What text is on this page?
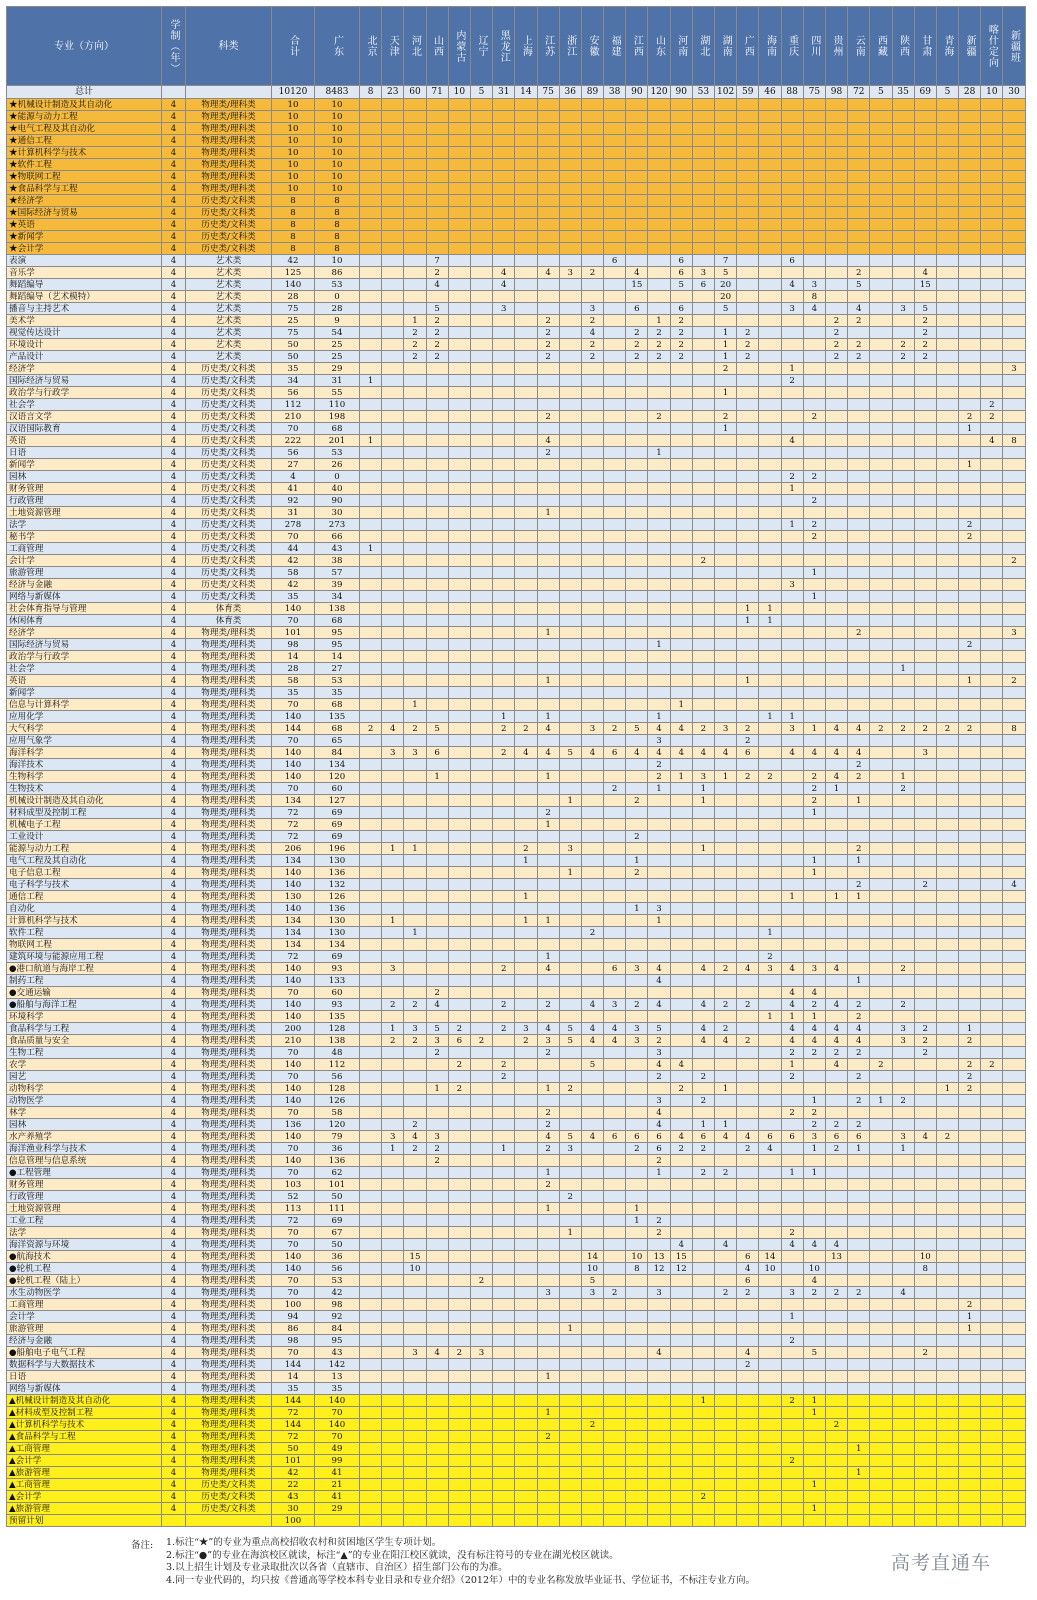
专业（方向）	学制（年）	科类	合计	广东	北京	天津	河北	山西	内蒙古	辽宁	黑龙江	上海	江苏	浙江	安徽	福建	江西	山东	河南	湖北	湖南	广西	海南	重庆	四川	贵州	云南	西藏	陕西	甘肃	青海	新疆	喀什定向	新疆班
总计			10120	8483	8	23	60	71	10	5	31	14	75	36	89	38	90	120	90	53	102	59	46	88	75	98	72	5	35	69	5	28	10	30
★机械设计制造及其自动化	4	物理类/理科类	10	10																														
★能源与动力工程	4	物理类/理科类	10	10																														
★电气工程及其自动化	4	物理类/理科类	10	10																														
★通信工程	4	物理类/理科类	10	10																														
★计算机科学与技术	4	物理类/理科类	10	10																														
★软件工程	4	物理类/理科类	10	10																														
★物联网工程	4	物理类/理科类	10	10																														
★食品科学与工程	4	物理类/理科类	10	10																														
★经济学	4	历史类/文科类	8	8																														
★国际经济与贸易	4	历史类/文科类	8	8																														
★英语	4	历史类/文科类	8	8																														
★新闻学	4	历史类/文科类	8	8																														
★会计学	4	历史类/文科类	8	8																														
表演	4	艺术类	42	10				7								6			6		7			6										
音乐学	4	艺术类	125	86				2			4		4	3	2		4		6	3	5						2			4				
舞蹈编导	4	艺术类	140	53				4			4						15		5	6	20			4	3		5			15				
舞蹈编导（艺术模特）	4	艺术类	28	0																	20				8									
播音与主持艺术	4	艺术类	75	28				5			3				3		6		6		5			3	4		4		3	5				
美术学	4	艺术类	25	9			1	2					2		2			1	2							2	2			2				
视觉传达设计	4	艺术类	75	54			2	2					2		4		2	2	2		1	2				2				2				
环境设计	4	艺术类	50	25			2	2					2		2		2	2	2		1	2				2	2		2	2				
产品设计	4	艺术类	50	25			2	2					2		2		2	2	2		1	2				2	2		2	2				
经济学	4	历史类/文科类	35	29																	2			1										3
国际经济与贸易	4	历史类/文科类	34	31	1																			2										
政治学与行政学	4	历史类/文科类	56	55																	1													
社会学	4	历史类/文科类	112	110																													2	
汉语言文学	4	历史类/文科类	210	198									2					2			2				2							2	2	
汉语国际教育	4	历史类/文科类	70	68																	1											1		
英语	4	历史类/文科类	222	201	1								4											4									4	8
日语	4	历史类/文科类	56	53									2					1																
新闻学	4	历史类/文科类	27	26																												1		
园林	4	历史类/文科类	4	0																				2	2									
财务管理	4	历史类/文科类	41	40																				1										
行政管理	4	历史类/文科类	92	90																					2									
土地资源管理	4	历史类/文科类	31	30									1																					
法学	4	历史类/文科类	278	273																				1	2							2		
秘书学	4	历史类/文科类	70	66																					2							2		
工商管理	4	历史类/文科类	44	43	1																													
会计学	4	历史类/文科类	42	38																2														2
旅游管理	4	历史类/文科类	58	57																					1									
经济与金融	4	历史类/文科类	42	39																				3										
网络与新媒体	4	历史类/文科类	35	34																					1									
社会体育指导与管理	4	体育类	140	138																		1	1											
休闲体育	4	体育类	70	68																		1	1											
经济学	4	物理类/理科类	101	95									1														2							3
国际经济与贸易	4	物理类/理科类	98	95														1														2		
政治学与行政学	4	物理类/理科类	14	14																														
社会学	4	物理类/理科类	28	27																									1					
英语	4	物理类/理科类	58	53									1									1										1		2
新闻学	4	物理类/理科类	35	35																														
信息与计算科学	4	物理类/理科类	70	68			1												1															
应用化学	4	物理类/理科类	140	135							1		1					1					1	1										
大气科学	4	物理类/理科类	144	68	2	4	2	5			2	2	4		3	2	5	4	4	2	3	2		3	1	4	4	2	2	2	2	2		8
应用气象学	4	物理类/理科类	70	65														3				2												
海洋科学	4	物理类/理科类	140	84		3	3	6			2	4	4	5	4	6	4	4	4	4	4	6		4	4	4	4			3				
海洋技术	4	物理类/理科类	140	134														2									2							
生物科学	4	物理类/理科类	140	120				1					1					2	1	3	1	2	2		2	4	2		1					
生物技术	4	物理类/理科类	70	60												2		1		1					2	1			2					
机械设计制造及其自动化	4	物理类/理科类	134	127										1			2			1					2		1							
材料成型及控制工程	4	物理类/理科类	72	69									2												1									
机械电子工程	4	物理类/理科类	72	69									1																					
工业设计	4	物理类/理科类	72	69													2																	
能源与动力工程	4	物理类/理科类	206	196		1	1					2		3						1							2							
电气工程及其自动化	4	物理类/理科类	134	130								1					1								1		1							
电子信息工程	4	物理类/理科类	140	136										1			2								1									
电子科学与技术	4	物理类/理科类	140	132																							2			2				4
通信工程	4	物理类/理科类	130	126								1												1		1	1							
自动化	4	物理类/理科类	140	136													1	3																
计算机科学与技术	4	物理类/理科类	134	130		1						1	1					1																
软件工程	4	物理类/理科类	134	130			1								2								1											
物联网工程	4	物理类/理科类	134	134																														
建筑环境与能源应用工程	4	物理类/理科类	72	69									1										2											
●港口航道与海岸工程	4	物理类/理科类	140	93		3					2		4			6	3	4		4	2	4	3	4	3	4			2					
制药工程	4	物理类/理科类	140	133														4									1							
●交通运输	4	物理类/理科类	70	60				2																4	4									
●船舶与海洋工程	4	物理类/理科类	140	93		2	2	4			2		2		4	3	2	4		4	2	2		4	2	4	2		2					
环境科学	4	物理类/理科类	140	135																			1	1	1		2							
食品科学与工程	4	物理类/理科类	200	128		1	3	5	2		2	3	4	5	4	4	3	5		4	2			4	4	4	4		3	2		1		
食品质量与安全	4	物理类/理科类	210	138		2	2	3	6	2		2	3	5	4	4	3	2		4	4	2		4	4	4	4		3	2		2		
生物工程	4	物理类/理科类	70	48				2					2					3						2	2	2	2			2				
农学	4	物理类/理科类	140	112					2		2				5			4	4					1		4		2				2	2	
园艺	4	物理类/理科类	70	56							2							2		2				2			2					2		
动物科学	4	物理类/理科类	140	128				1	2				1	2					2		1										1	2		
动物医学	4	物理类/理科类	140	126														3		2					1		2	1	2					
林学	4	物理类/理科类	70	58									2					4						2	2									
园林	4	物理类/理科类	136	120			2						2					4		1	1				2	2	2							
水产养殖学	4	物理类/理科类	140	79		3	4	3					4	5	4	6	6	6	4	6	4	4	6	6	3	6	6		3	4	2			
海洋渔业科学与技术	4	物理类/理科类	70	36		1	2	2			1		2	3			2	6	2	2		2	4		1	2	1		1					
信息管理与信息系统	4	物理类/理科类	140	136				2										2																
●工程管理	4	物理类/理科类	70	62									1					1		2	2			1	1									
财务管理	4	物理类/理科类	103	101									2																					
行政管理	4	物理类/理科类	52	50										2																				
土地资源管理	4	物理类/理科类	113	111									1				1																	
工业工程	4	物理类/理科类	72	69													1	2																
法学	4	物理类/理科类	70	67										1				2						2										
海洋资源与环境	4	物理类/理科类	70	50															4		4			4	4	4								
●航海技术	4	物理类/理科类	140	36			15								14		10	13	15			6	14			13				10				
●轮机工程	4	物理类/理科类	140	56			10								10		8	12	12			4	10		10					8				
●轮机工程（陆上）	4	物理类/理科类	70	53						2					5							6			4									
水生动物医学	4	物理类/理科类	70	42									3		3	2		3			2	2		3	2	2	2		4					
工商管理	4	物理类/理科类	100	98																												2		
会计学	4	物理类/理科类	94	92																				1								1		
旅游管理	4	物理类/理科类	86	84										1																		1		
经济与金融	4	物理类/理科类	98	95																				2										
●船舶电子电气工程	4	物理类/理科类	70	43			3	4	2	3								4				4			5					2				
数据科学与大数据技术	4	物理类/理科类	144	142																		2												
日语	4	物理类/理科类	14	13									1																					
网络与新媒体	4	物理类/理科类	35	35																														
▲机械设计制造及其自动化	4	物理类/理科类	144	140																1				2	1									
▲材料成型及控制工程	4	物理类/理科类	72	70									1												1									
▲计算机科学与技术	4	物理类/理科类	144	140											2											2								
▲食品科学与工程	4	物理类/理科类	72	70									2																					
▲工商管理	4	物理类/理科类	50	49																							1							
▲会计学	4	物理类/理科类	101	99																				2										
▲旅游管理	4	物理类/理科类	42	41																							1							
▲工商管理	4	历史类/文科类	22	21																					1									
▲会计学	4	历史类/文科类	43	41																2														
▲旅游管理	4	历史类/文科类	30	29																					1									
预留计划			100																															
备注: 1.标注“★”的专业为重点高校招收农村和贫困地区学生专项计划。
2.标注“●”的专业在海滨校区就读，标注“▲”的专业在阳江校区就读，没有标注符号的专业在湖光校区就读。
3.以上招生计划及专业录取批次以各省（直辖市、自治区）招生部门公布的为准。
4.同一专业代码的，均只按《普通高等学校本科专业目录和专业介绍》（2012年）中的专业名称发放毕业证书、学位证书，不标注专业方向。
高考直通车
